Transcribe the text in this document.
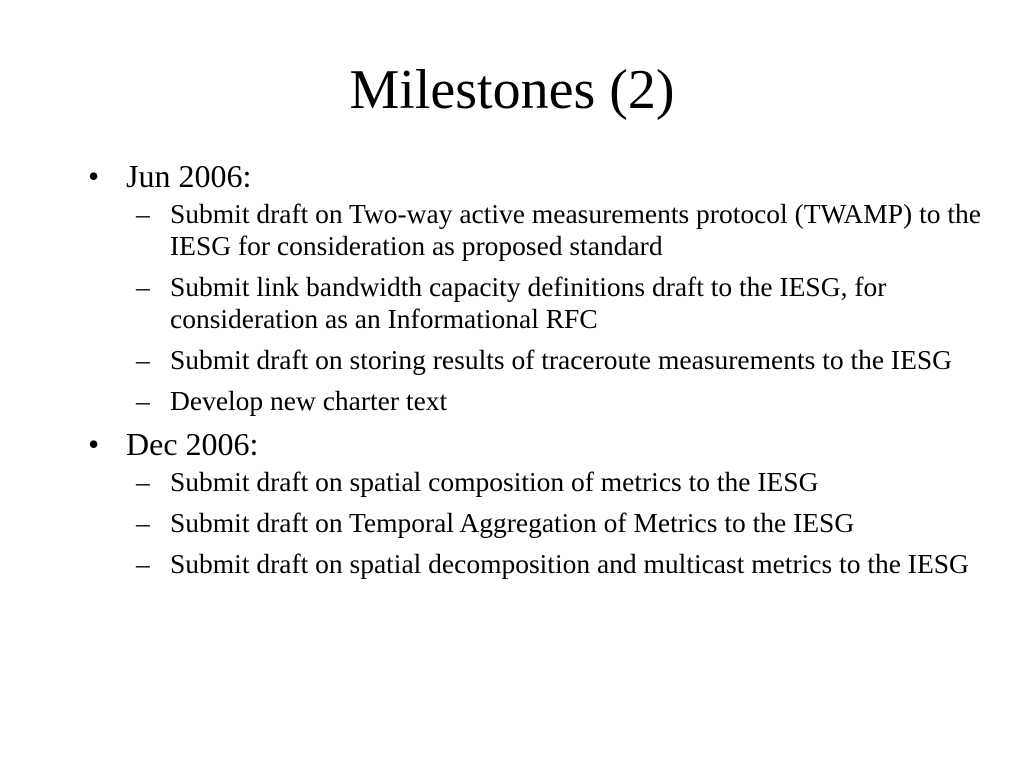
Milestones (2)
• Jun 2006:
– Submit draft on Two-way active measurements protocol (TWAMP) to the IESG for consideration as proposed standard
– Submit link bandwidth capacity definitions draft to the IESG, for consideration as an Informational RFC
– Submit draft on storing results of traceroute measurements to the IESG
– Develop new charter text
• Dec 2006:
– Submit draft on spatial composition of metrics to the IESG
– Submit draft on Temporal Aggregation of Metrics to the IESG
– Submit draft on spatial decomposition and multicast metrics to the IESG
